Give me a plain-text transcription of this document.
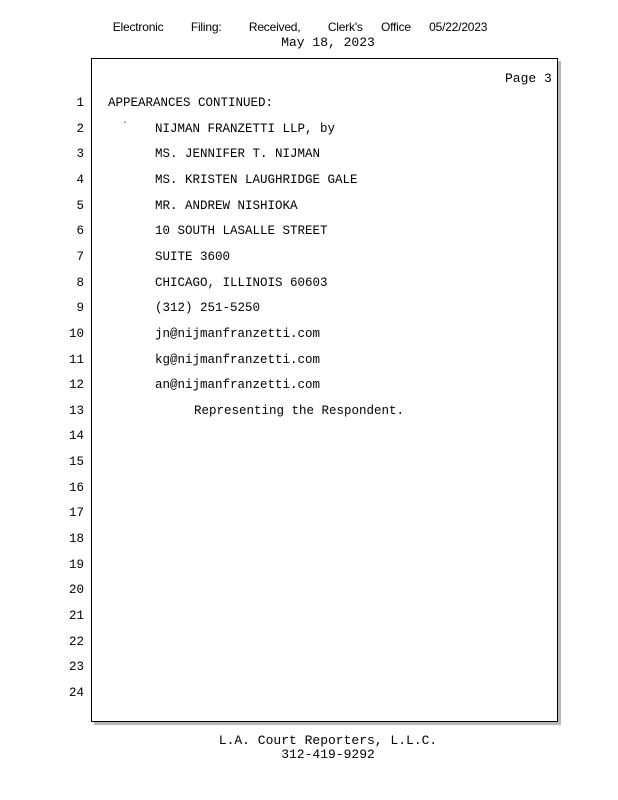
Electronic   Filing:   Received,   Clerk's  Office  05/22/2023
May 18, 2023
Page 3
·
1 APPEARANCES CONTINUED:
2	NIJMAN FRANZETTI LLP, by
3	MS. JENNIFER T. NIJMAN
4	MS. KRISTEN LAUGHRIDGE GALE
5	MR. ANDREW NISHIOKA
6	10 SOUTH LASALLE STREET
7	SUITE 3600
8	CHICAGO, ILLINOIS 60603
9	(312) 251-5250
10	jn@nijmanfranzetti.com
11	kg@nijmanfranzetti.com
12	an@nijmanfranzetti.com
13	Representing the Respondent.
14
15
16
17
18
19
20
21
22
23
24
L.A. Court Reporters, L.L.C.
312-419-9292
